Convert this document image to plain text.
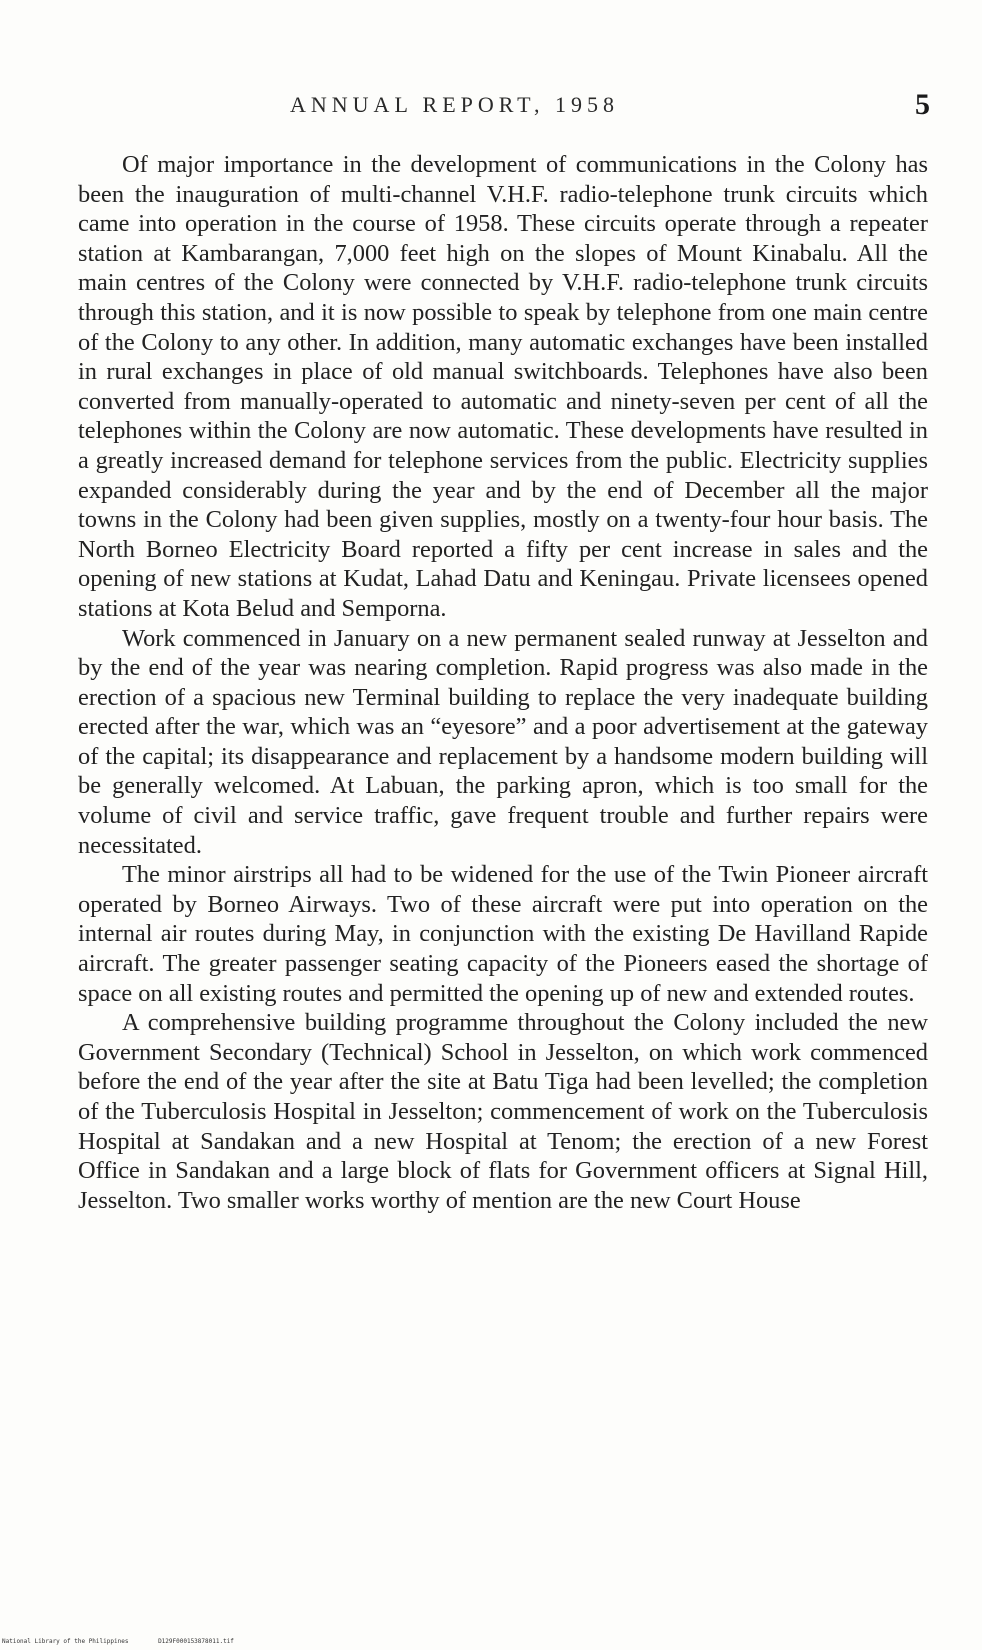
ANNUAL REPORT, 1958	5

Of major importance in the development of communications in the Colony has been the inauguration of multi-channel V.H.F. radio-telephone trunk circuits which came into operation in the course of 1958. These circuits operate through a repeater station at Kambarangan, 7,000 feet high on the slopes of Mount Kinabalu. All the main centres of the Colony were connected by V.H.F. radio-telephone trunk circuits through this station, and it is now possible to speak by telephone from one main centre of the Colony to any other. In addition, many automatic exchanges have been installed in rural exchanges in place of old manual switchboards. Telephones have also been converted from manually-operated to automatic and ninety-seven per cent of all the telephones within the Colony are now automatic. These developments have resulted in a greatly increased demand for telephone services from the public. Electricity supplies expanded considerably during the year and by the end of December all the major towns in the Colony had been given supplies, mostly on a twenty-four hour basis. The North Borneo Electricity Board reported a fifty per cent increase in sales and the opening of new stations at Kudat, Lahad Datu and Keningau. Private licensees opened stations at Kota Belud and Semporna.

Work commenced in January on a new permanent sealed runway at Jesselton and by the end of the year was nearing completion. Rapid progress was also made in the erection of a spacious new Terminal building to replace the very inadequate building erected after the war, which was an “eyesore” and a poor advertisement at the gateway of the capital; its disappearance and replacement by a handsome modern building will be generally welcomed. At Labuan, the parking apron, which is too small for the volume of civil and service traffic, gave frequent trouble and further repairs were necessitated.

The minor airstrips all had to be widened for the use of the Twin Pioneer aircraft operated by Borneo Airways. Two of these aircraft were put into operation on the internal air routes during May, in conjunction with the existing De Havilland Rapide aircraft. The greater passenger seating capacity of the Pioneers eased the shortage of space on all existing routes and permitted the opening up of new and extended routes.

A comprehensive building programme throughout the Colony included the new Government Secondary (Technical) School in Jesselton, on which work commenced before the end of the year after the site at Batu Tiga had been levelled; the completion of the Tuberculosis Hospital in Jesselton; commencement of work on the Tuberculosis Hospital at Sandakan and a new Hospital at Tenom; the erection of a new Forest Office in Sandakan and a large block of flats for Government officers at Signal Hill, Jesselton. Two smaller works worthy of mention are the new Court House

National Library of the Philippines	D129F000153878011.tif
